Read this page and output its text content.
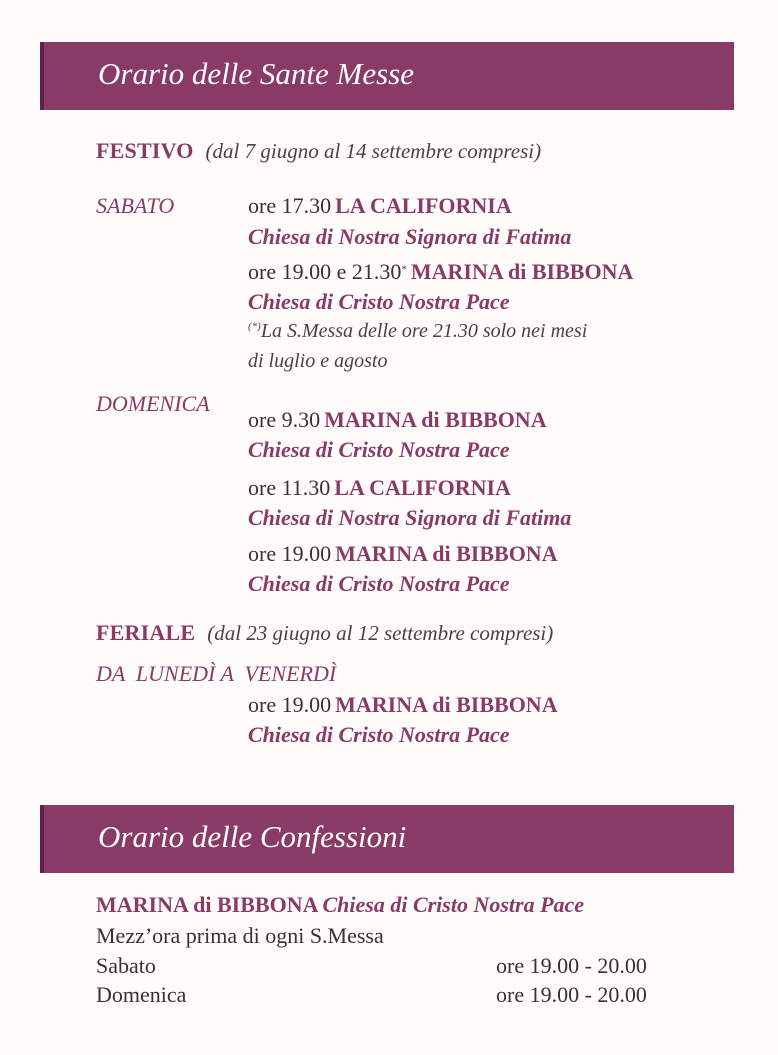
Orario delle Sante Messe
FESTIVO (dal 7 giugno al 14 settembre compresi)
SABATO	ore 17.30 LA CALIFORNIA
Chiesa di Nostra Signora di Fatima
ore 19.00 e 21.30* MARINA di BIBBONA
Chiesa di Cristo Nostra Pace
(*)La S.Messa delle ore 21.30 solo nei mesi
di luglio e agosto
DOMENICA
ore 9.30 MARINA di BIBBONA
Chiesa di Cristo Nostra Pace
ore 11.30 LA CALIFORNIA
Chiesa di Nostra Signora di Fatima
ore 19.00 MARINA di BIBBONA
Chiesa di Cristo Nostra Pace
FERIALE (dal 23 giugno al 12 settembre compresi)
DA  LUNEDÌ A  VENERDÌ
ore 19.00 MARINA di BIBBONA
Chiesa di Cristo Nostra Pace
Orario delle Confessioni
MARINA di BIBBONA Chiesa di Cristo Nostra Pace
Mezz’ora prima di ogni S.Messa
Sabato	ore 19.00 - 20.00
Domenica	ore 19.00 - 20.00
